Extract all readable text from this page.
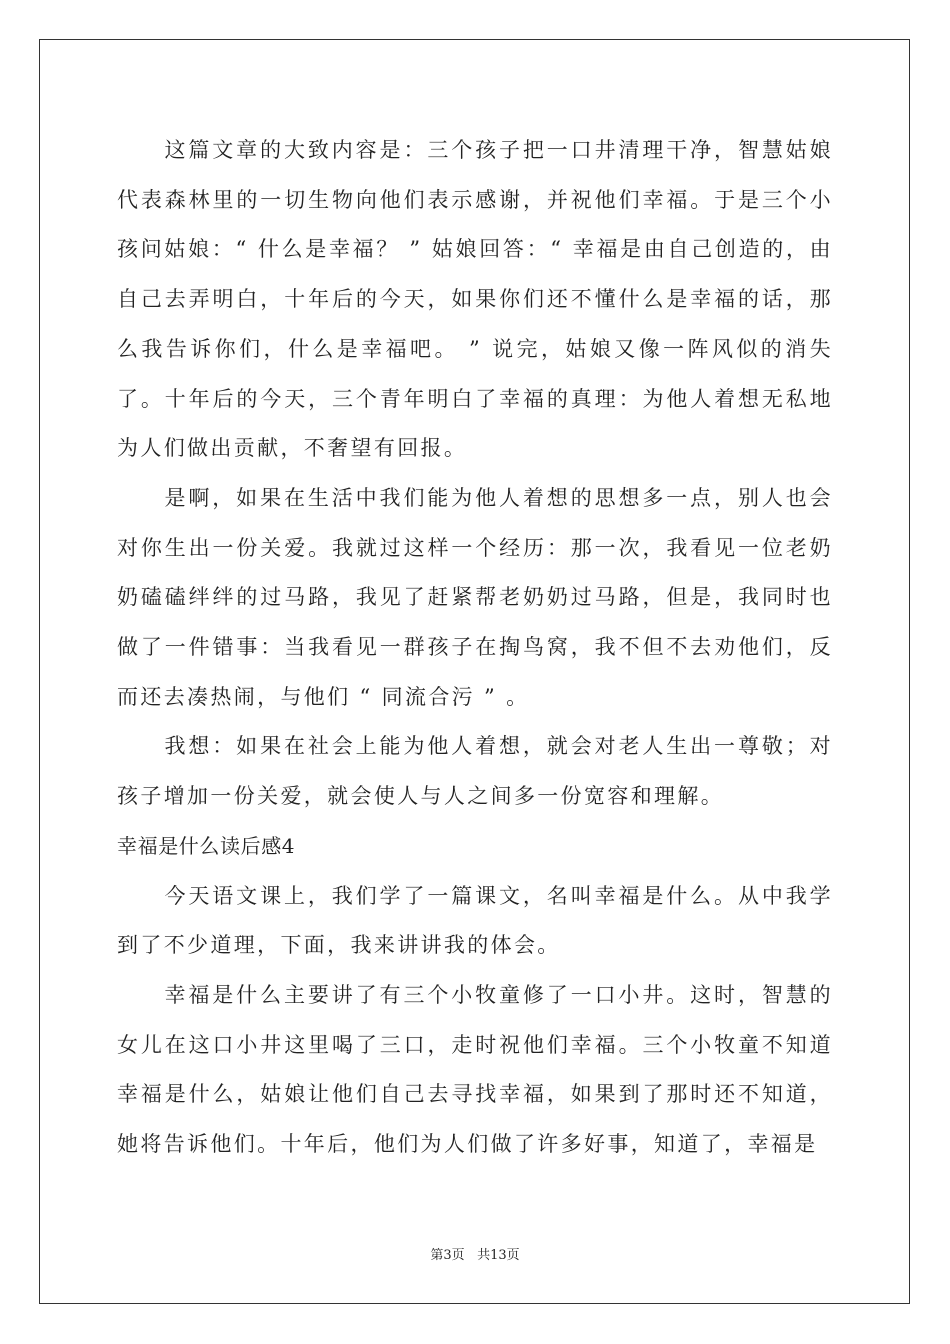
这篇文章的大致内容是：三个孩子把一口井清理干净，智慧姑娘代表森林里的一切生物向他们表示感谢，并祝他们幸福。于是三个小孩问姑娘：“ 什么是幸福？ ” 姑娘回答：“ 幸福是由自己创造的，由自己去弄明白，十年后的今天，如果你们还不懂什么是幸福的话，那么我告诉你们，什么是幸福吧。 ” 说完，姑娘又像一阵风似的消失了。十年后的今天，三个青年明白了幸福的真理：为他人着想无私地为人们做出贡献，不奢望有回报。

是啊，如果在生活中我们能为他人着想的思想多一点，别人也会对你生出一份关爱。我就过这样一个经历：那一次，我看见一位老奶奶磕磕绊绊的过马路，我见了赶紧帮老奶奶过马路，但是，我同时也做了一件错事：当我看见一群孩子在掏鸟窝，我不但不去劝他们，反而还去凑热闹，与他们 “ 同流合污 ” 。

我想：如果在社会上能为他人着想，就会对老人生出一尊敬；对孩子增加一份关爱，就会使人与人之间多一份宽容和理解。

幸福是什么读后感4

今天语文课上，我们学了一篇课文，名叫幸福是什么。从中我学到了不少道理，下面，我来讲讲我的体会。

幸福是什么主要讲了有三个小牧童修了一口小井。这时，智慧的女儿在这口小井这里喝了三口，走时祝他们幸福。三个小牧童不知道幸福是什么，姑娘让他们自己去寻找幸福，如果到了那时还不知道，她将告诉他们。十年后，他们为人们做了许多好事，知道了，幸福是

第3页 共13页
